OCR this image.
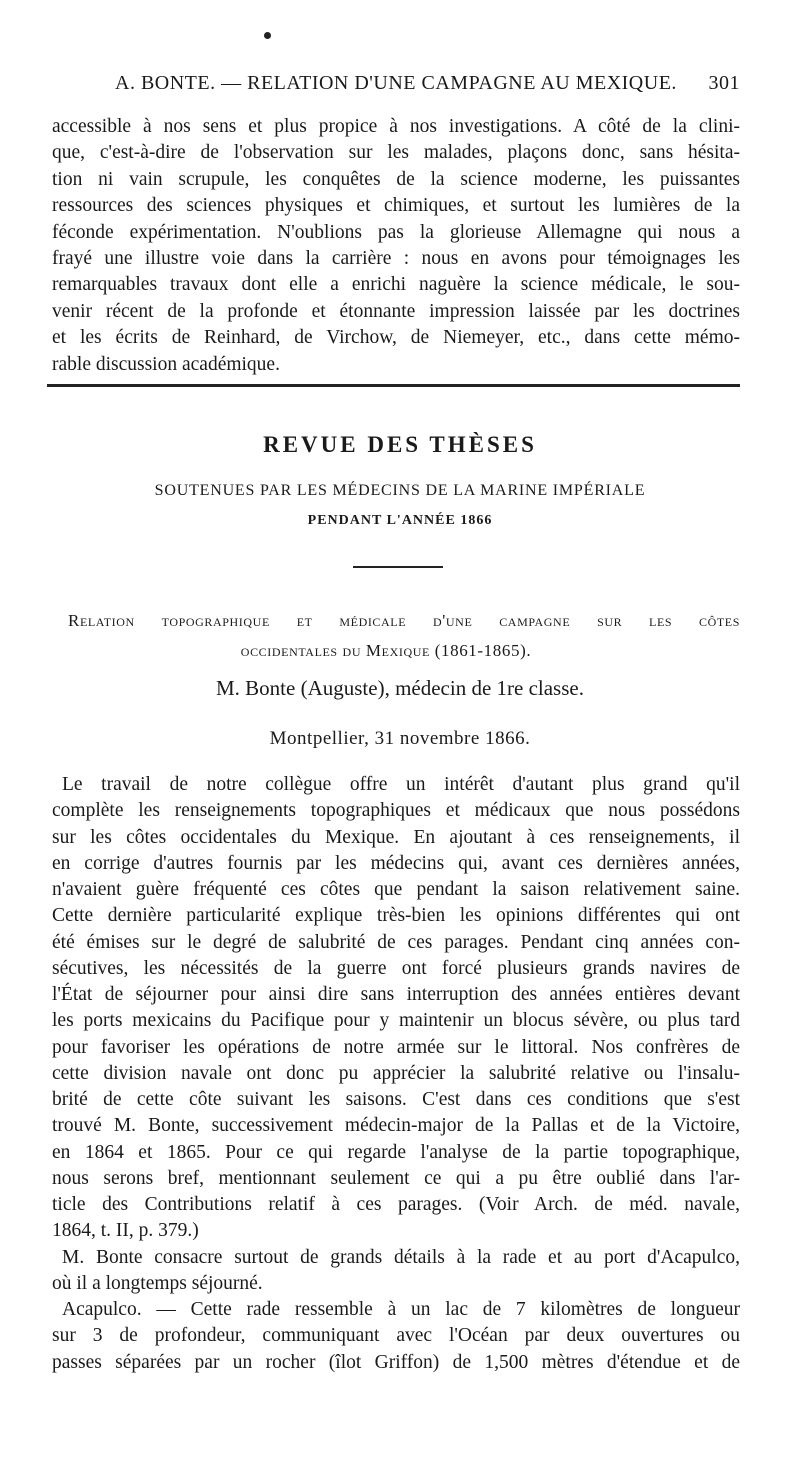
A. BONTE. — RELATION D'UNE CAMPAGNE AU MEXIQUE. 301
accessible à nos sens et plus propice à nos investigations. A côté de la clini-
que, c'est-à-dire de l'observation sur les malades, plaçons donc, sans hésita-
tion ni vain scrupule, les conquêtes de la science moderne, les puissantes
ressources des sciences physiques et chimiques, et surtout les lumières de la
féconde expérimentation. N'oublions pas la glorieuse Allemagne qui nous a
frayé une illustre voie dans la carrière : nous en avons pour témoignages les
remarquables travaux dont elle a enrichi naguère la science médicale, le sou-
venir récent de la profonde et étonnante impression laissée par les doctrines
et les écrits de Reinhard, de Virchow, de Niemeyer, etc., dans cette mémo-
rable discussion académique.
REVUE DES THÈSES
SOUTENUES PAR LES MÉDECINS DE LA MARINE IMPÉRIALE
PENDANT L'ANNÉE 1866
Relation topographique et médicale d'une campagne sur les côtes
occidentales du Mexique (1861-1865).
M. Bonte (Auguste), médecin de 1re classe.
Montpellier, 31 novembre 1866.
Le travail de notre collègue offre un intérêt d'autant plus grand qu'il
complète les renseignements topographiques et médicaux que nous possédons
sur les côtes occidentales du Mexique. En ajoutant à ces renseignements, il
en corrige d'autres fournis par les médecins qui, avant ces dernières années,
n'avaient guère fréquenté ces côtes que pendant la saison relativement saine.
Cette dernière particularité explique très-bien les opinions différentes qui ont
été émises sur le degré de salubrité de ces parages. Pendant cinq années con-
sécutives, les nécessités de la guerre ont forcé plusieurs grands navires de
l'État de séjourner pour ainsi dire sans interruption des années entières devant
les ports mexicains du Pacifique pour y maintenir un blocus sévère, ou plus tard
pour favoriser les opérations de notre armée sur le littoral. Nos confrères de
cette division navale ont donc pu apprécier la salubrité relative ou l'insalu-
brité de cette côte suivant les saisons. C'est dans ces conditions que s'est
trouvé M. Bonte, successivement médecin-major de la Pallas et de la Victoire,
en 1864 et 1865. Pour ce qui regarde l'analyse de la partie topographique,
nous serons bref, mentionnant seulement ce qui a pu être oublié dans l'ar-
ticle des Contributions relatif à ces parages. (Voir Arch. de méd. navale,
1864, t. II, p. 379.)
M. Bonte consacre surtout de grands détails à la rade et au port d'Acapulco,
où il a longtemps séjourné.
Acapulco. — Cette rade ressemble à un lac de 7 kilomètres de longueur
sur 3 de profondeur, communiquant avec l'Océan par deux ouvertures ou
passes séparées par un rocher (îlot Griffon) de 1,500 mètres d'étendue et de
